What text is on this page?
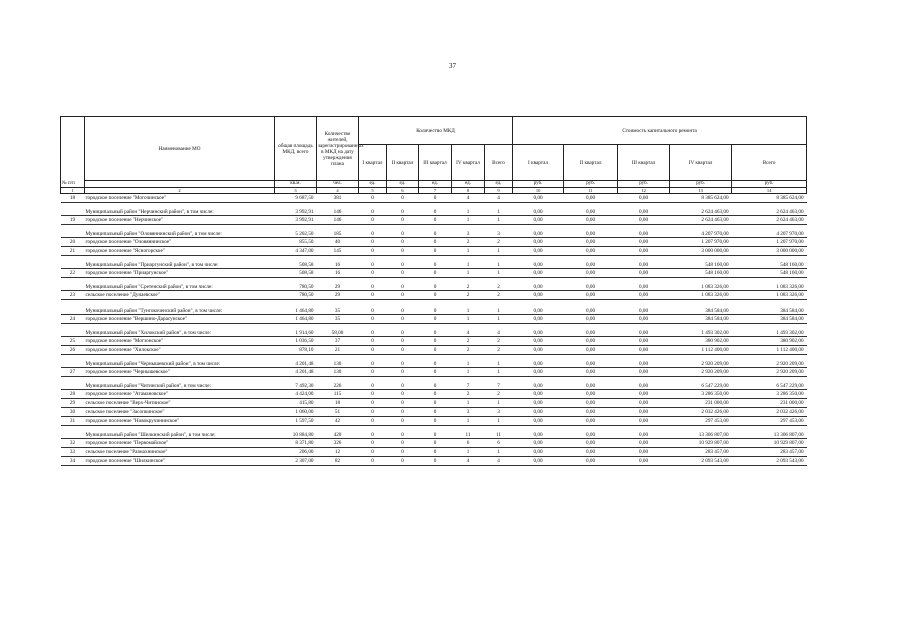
37
	Наименование МО	общая площадь МКД, всего	Количество жителей, зарегистрированных в МКД на дату утверждения плана	Количество МКД					Стоимость капитального ремонта				
				I квартал	II квартал	III квартал	IV квартал	Всего	I квартал	II квартал	III квартал	IV квартал	Всего
№ п/п		кв.м.	чел.	ед.	ед.	ед.	ед.	ед.	руб.	руб.	руб.	руб.	руб.
1	2	3	4	5	6	7	8	9	10	11	12	13	14
18	городское поселение "Могочинское"	9 687,50	381	0	0	0	4	4	0,00	0,00	0,00	8 385 624,00	8 385 624,00
	Муниципальный район "Нерчинский район", в том числе:	3 992,91	146	0	0	0	1	1	0,00	0,00	0,00	2 624 463,00	2 624 463,00
19	городское поселение "Нерчинское"	3 992,91	146	0	0	0	1	1	0,00	0,00	0,00	2 624 463,00	2 624 463,00
	Муниципальный район "Оловяннинский район", в том числе:	5 202,50	185	0	0	0	3	3	0,00	0,00	0,00	4 207 970,00	4 207 970,00
20	городское поселение "Оловяннинское"	855,50	40	0	0	0	2	2	0,00	0,00	0,00	1 207 970,00	1 207 970,00
21	городское поселение "Ясногорское"	4 347,00	145	0	0	0	1	1	0,00	0,00	0,00	3 000 000,00	3 000 000,00
	Муниципальный район "Приаргунский район", в том числе:	508,58	16	0	0	0	1	1	0,00	0,00	0,00	548 160,00	548 160,00
22	городское поселение "Приаргунское"	508,58	16	0	0	0	1	1	0,00	0,00	0,00	548 160,00	548 160,00
	Муниципальный район "Сретенский район", в том числе:	780,50	29	0	0	0	2	2	0,00	0,00	0,00	1 083 326,00	1 083 326,00
23	сельское поселение "Дунаевское"	780,50	29	0	0	0	2	2	0,00	0,00	0,00	1 083 326,00	1 083 326,00
	Муниципальный район "Тунгокоченский район", в том числе:	1 464,80	35	0	0	0	1	1	0,00	0,00	0,00	384 584,00	384 584,00
24	городское поселение "Вершино-Дарасунское"	1 464,80	35	0	0	0	1	1	0,00	0,00	0,00	384 584,00	384 584,00
	Муниципальный район "Хилокский район", в том числе:	1 914,60	58,00	0	0	0	4	4	0,00	0,00	0,00	1 493 302,00	1 493 302,00
25	городское поселение "Могзонское"	1 036,50	37	0	0	0	2	2	0,00	0,00	0,00	380 902,00	380 902,00
26	городское поселение "Хилокское"	878,10	21	0	0	0	2	2	0,00	0,00	0,00	1 112 400,00	1 112 400,00
	Муниципальный район "Чернышевский район", в том числе:	4 201,48	130	0	0	0	1	1	0,00	0,00	0,00	2 920 209,00	2 920 209,00
27	городское поселение "Чернышевское"	4 201,48	130	0	0	0	1	1	0,00	0,00	0,00	2 920 209,00	2 920 209,00
	Муниципальный район "Читинский район", в том числе:	7 492,30	226	0	0	0	7	7	0,00	0,00	0,00	6 547 229,00	6 547 229,00
28	городское поселение "Атамановское"	4 424,00	115	0	0	0	2	2	0,00	0,00	0,00	3 286 350,00	3 286 350,00
29	сельское поселение "Верх-Читинское"	415,80	18	0	0	0	1	1	0,00	0,00	0,00	231 000,00	231 000,00
30	сельское поселение "Засопкинское"	1 060,00	51	0	0	0	3	3	0,00	0,00	0,00	2 032 426,00	2 032 426,00
31	городское поселение "Новокручининское"	1 597,50	42	0	0	0	1	1	0,00	0,00	0,00	297 453,00	297 453,00
	Муниципальный район "Шилкинский район", в том числе:	10 884,80	420	0	0	0	11	11	0,00	0,00	0,00	13 306 807,00	13 306 807,00
32	городское поселение "Первомайское"	8 371,80	326	0	0	0	6	6	0,00	0,00	0,00	10 929 807,00	10 929 807,00
33	сельское поселение "Размахнинское"	206,00	12	0	0	0	1	1	0,00	0,00	0,00	283 457,00	283 457,00
34	городское поселение "Шилкинское"	2 307,00	82	0	0	0	4	4	0,00	0,00	0,00	2 093 543,00	2 093 543,00
